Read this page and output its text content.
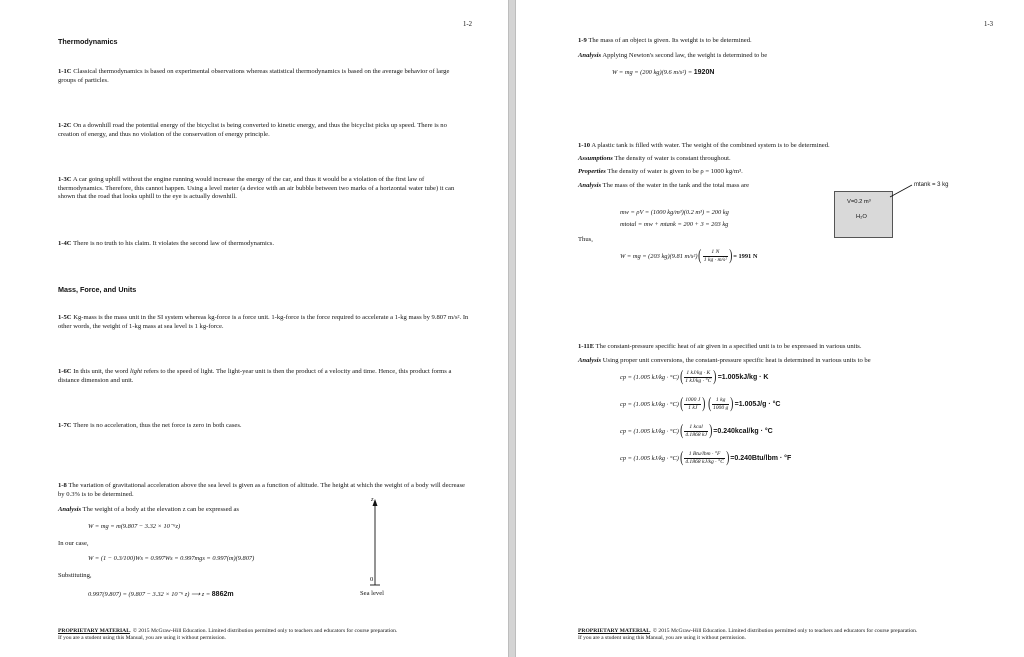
1-2
Thermodynamics
1-1C Classical thermodynamics is based on experimental observations whereas statistical thermodynamics is based on the average behavior of large groups of particles.
1-2C On a downhill road the potential energy of the bicyclist is being converted to kinetic energy, and thus the bicyclist picks up speed. There is no creation of energy, and thus no violation of the conservation of energy principle.
1-3C A car going uphill without the engine running would increase the energy of the car, and thus it would be a violation of the first law of thermodynamics. Therefore, this cannot happen. Using a level meter (a device with an air bubble between two marks of a horizontal water tube) it can shown that the road that looks uphill to the eye is actually downhill.
1-4C There is no truth to his claim. It violates the second law of thermodynamics.
Mass, Force, and Units
1-5C Kg-mass is the mass unit in the SI system whereas kg-force is a force unit. 1-kg-force is the force required to accelerate a 1-kg mass by 9.807 m/s². In other words, the weight of 1-kg mass at sea level is 1 kg-force.
1-6C In this unit, the word light refers to the speed of light. The light-year unit is then the product of a velocity and time. Hence, this product forms a distance dimension and unit.
1-7C There is no acceleration, thus the net force is zero in both cases.
1-8 The variation of gravitational acceleration above the sea level is given as a function of altitude. The height at which the weight of a body will decrease by 0.3% is to be determined.
Analysis The weight of a body at the elevation z can be expressed as
W = mg = m(9.807 − 3.32 × 10⁻⁶z)
In our case,
W = (1 − 0.3/100)Ws = 0.997Ws = 0.997mgs = 0.997(m)(9.807)
Substituting,
0.997(9.807) = (9.807 − 3.32 × 10⁻⁶ z) ⟶ z = 8862m
z
0
Sea level
PROPRIETARY MATERIAL. © 2015 McGraw-Hill Education. Limited distribution permitted only to teachers and educators for course preparation.
If you are a student using this Manual, you are using it without permission.
1-3
1-9 The mass of an object is given. Its weight is to be determined.
Analysis Applying Newton's second law, the weight is determined to be
W = mg = (200 kg)(9.6 m/s²) = 1920N
1-10 A plastic tank is filled with water. The weight of the combined system is to be determined.
Assumptions The density of water is constant throughout.
Properties The density of water is given to be ρ = 1000 kg/m³.
Analysis The mass of the water in the tank and the total mass are
mw = ρV = (1000 kg/m³)(0.2 m³) = 200 kg
mtotal = mw + mtank = 200 + 3 = 203 kg
Thus,
W = mg = (203 kg)(9.81 $m/s^2)( \frac{1 N}{\text{1 kg · m/s²}}$ )= 1991 N
V=0.2 m³
H₂O
mtank = 3 kg
1-11E The constant-pressure specific heat of air given in a specified unit is to be expressed in various units.
Analysis Using proper unit conversions, the constant-pressure specific heat is determined in various units to be
cp = (1.005 $kJ/kg \cdot ^\circ C)( \frac{1 kJ/kg \cdot K}{1 kJ/kg \cdot ^\circ C} )=1.005kJ/kg \cdot K$
cp = (1.005 $kJ/kg \cdot ^\circ C)( \frac{1000 J}{1 kJ}$ ) ( $\frac{1 kg}{1000 g} )=1.005J/g \cdot ^\circ C$
cp = (1.005 $kJ/kg \cdot ^\circ C)( \frac{\text{1 kcal}}{4.1868 kJ}$ )=0.240kcal/kg · °C
cp = (1.005 $kJ/kg \cdot ^\circ C)( \frac{\text{1 Btu/lbm · °F}}{4.1868 kJ/kg \cdot ^\circ C} )=0.240Btu/lbm \cdot ^\circ F$
PROPRIETARY MATERIAL. © 2015 McGraw-Hill Education. Limited distribution permitted only to teachers and educators for course preparation.
If you are a student using this Manual, you are using it without permission.
